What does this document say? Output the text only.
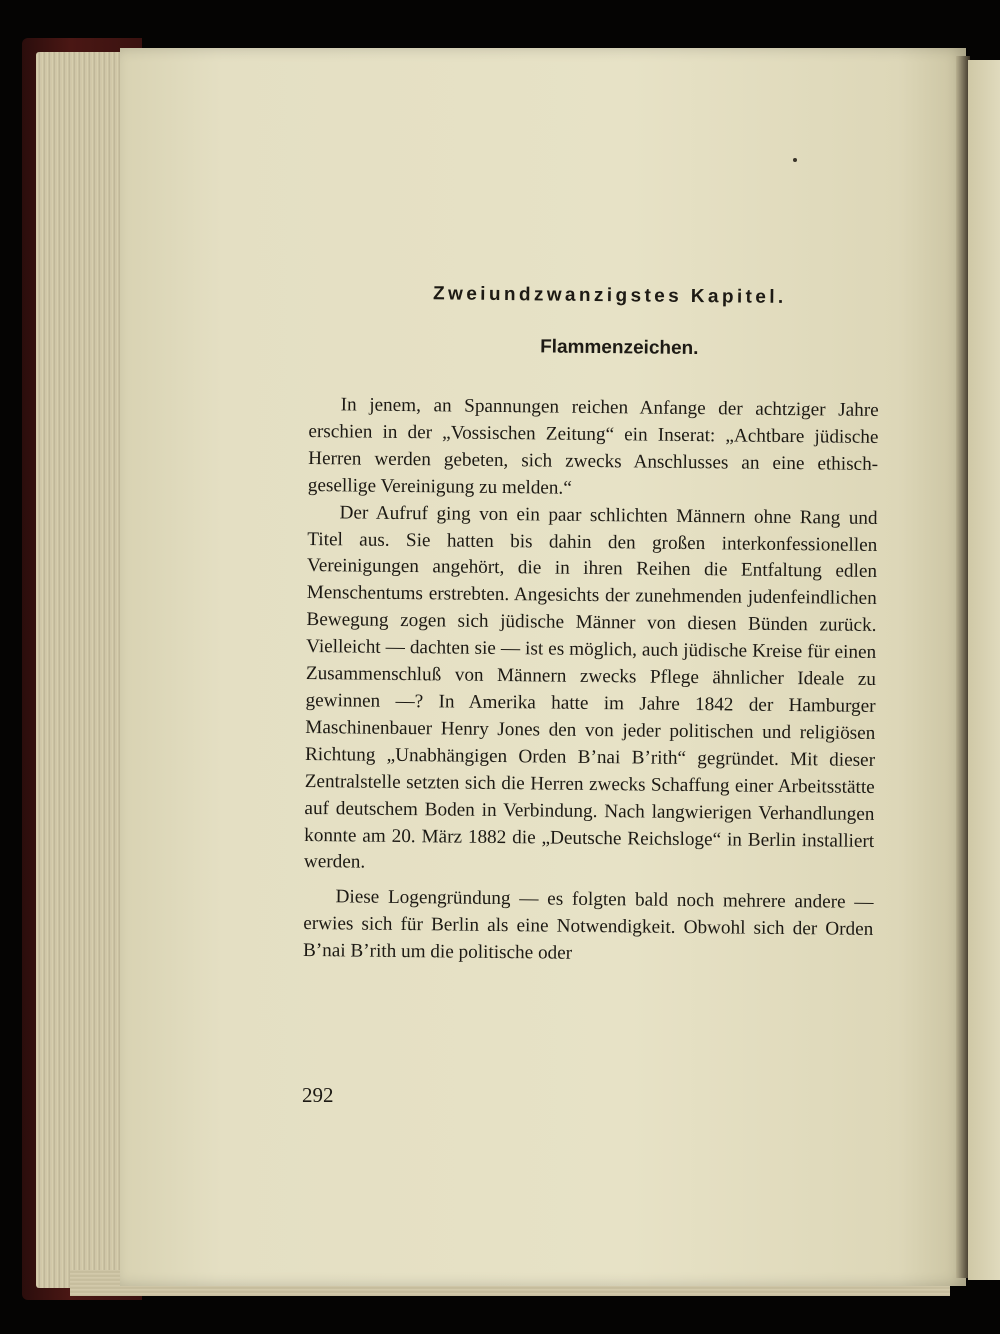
Zweiundzwanzigstes Kapitel.
Flammenzeichen.

In jenem, an Spannungen reichen Anfange der achtziger Jahre erschien in der „Vossischen Zeitung“ ein Inserat: „Achtbare jüdische Herren werden gebeten, sich zwecks Anschlusses an eine ethisch-gesellige Vereinigung zu melden.“

Der Aufruf ging von ein paar schlichten Männern ohne Rang und Titel aus. Sie hatten bis dahin den großen interkonfessionellen Vereinigungen angehört, die in ihren Reihen die Entfaltung edlen Menschentums erstrebten. Angesichts der zunehmenden judenfeindlichen Bewegung zogen sich jüdische Männer von diesen Bünden zurück. Vielleicht — dachten sie — ist es möglich, auch jüdische Kreise für einen Zusammenschluß von Männern zwecks Pflege ähnlicher Ideale zu gewinnen —? In Amerika hatte im Jahre 1842 der Hamburger Maschinenbauer Henry Jones den von jeder politischen und religiösen Richtung „Unabhängigen Orden B’nai B’rith“ gegründet. Mit dieser Zentralstelle setzten sich die Herren zwecks Schaffung einer Arbeitsstätte auf deutschem Boden in Verbindung. Nach langwierigen Verhandlungen konnte am 20. März 1882 die „Deutsche Reichsloge“ in Berlin installiert werden.

Diese Logengründung — es folgten bald noch mehrere andere — erwies sich für Berlin als eine Notwendigkeit. Obwohl sich der Orden B’nai B’rith um die politische oder

292
